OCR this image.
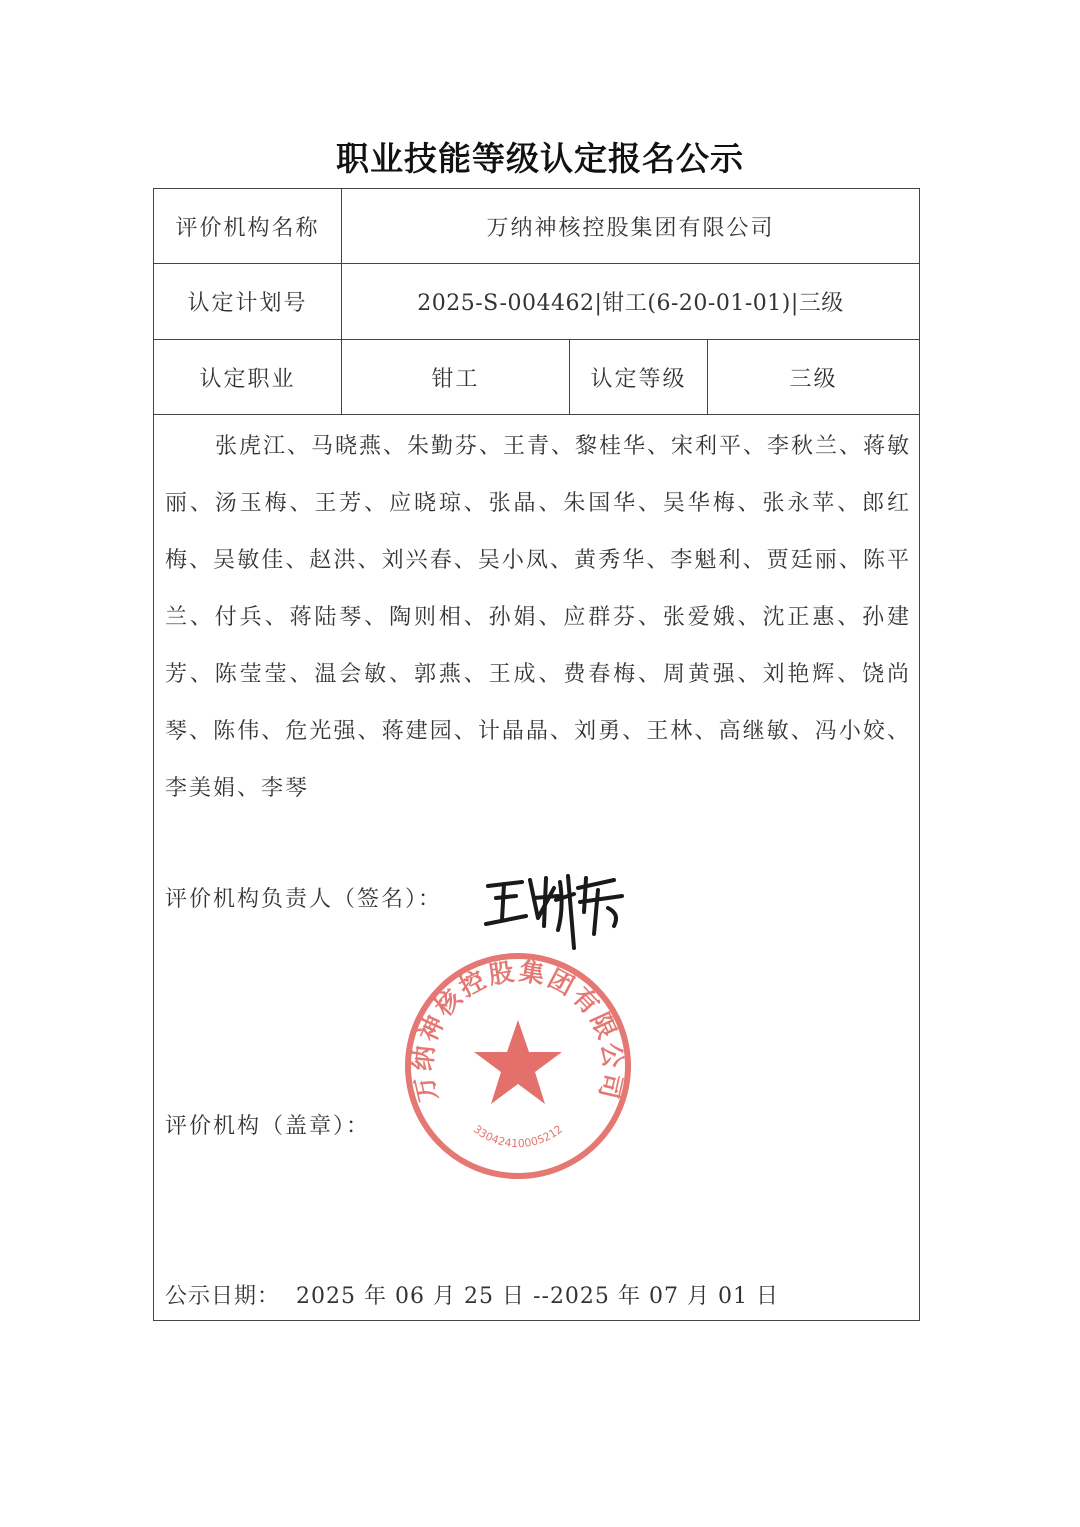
职业技能等级认定报名公示
评价机构名称	万纳神核控股集团有限公司
认定计划号	2025-S-004462|钳工(6-20-01-01)|三级
认定职业	钳工	认定等级	三级
张虎江、马晓燕、朱勤芬、王青、黎桂华、宋利平、李秋兰、蒋敏丽、汤玉梅、王芳、应晓琼、张晶、朱国华、吴华梅、张永苹、郎红梅、吴敏佳、赵洪、刘兴春、吴小凤、黄秀华、李魁利、贾廷丽、陈平兰、付兵、蒋陆琴、陶则相、孙娟、应群芬、张爱娥、沈正惠、孙建芳、陈莹莹、温会敏、郭燕、王成、费春梅、周黄强、刘艳辉、饶尚琴、陈伟、危光强、蒋建园、计晶晶、刘勇、王林、高继敏、冯小姣、李美娟、李琴
评价机构负责人（签名）：
评价机构（盖章）：
万纳神核控股集团有限公司
33042410005212
公示日期： 2025 年 06 月 25 日 --2025 年 07 月 01 日
